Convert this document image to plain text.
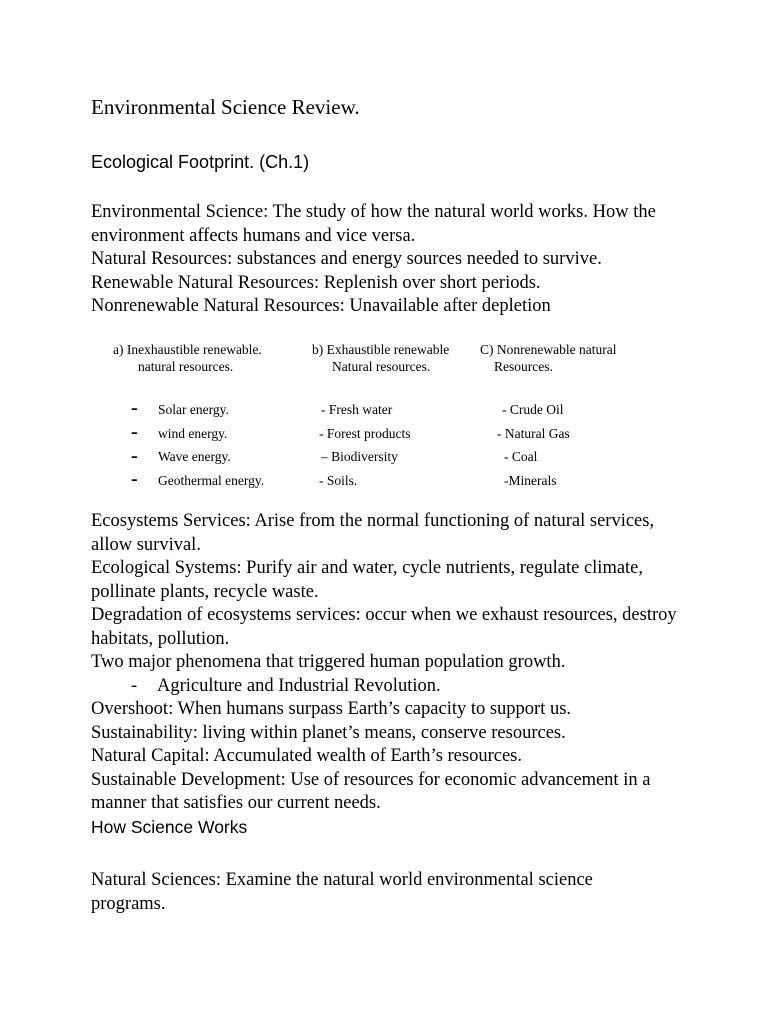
Environmental Science Review.
Ecological Footprint. (Ch.1)

Environmental Science: The study of how the natural world works. How the environment affects humans and vice versa.

Natural Resources: substances and energy sources needed to survive.

Renewable Natural Resources: Replenish over short periods.

Nonrenewable Natural Resources: Unavailable after depletion

a) Inexhaustible renewable.
natural resources.
b) Exhaustible renewable
Natural resources.
C) Nonrenewable natural
Resources.
- Solar energy.
- wind energy.
- Wave energy.
- Geothermal energy.
- Fresh water
- Forest products
– Biodiversity
- Soils.
- Crude Oil
- Natural Gas
- Coal
-Minerals

Ecosystems Services: Arise from the normal functioning of natural services, allow survival.

Ecological Systems: Purify air and water, cycle nutrients, regulate climate, pollinate plants, recycle waste.

Degradation of ecosystems services: occur when we exhaust resources, destroy habitats, pollution.

Two major phenomena that triggered human population growth.

- Agriculture and Industrial Revolution.

Overshoot: When humans surpass Earth’s capacity to support us.

Sustainability: living within planet’s means, conserve resources.

Natural Capital: Accumulated wealth of Earth’s resources.

Sustainable Development: Use of resources for economic advancement in a manner that satisfies our current needs.

How Science Works

Natural Sciences: Examine the natural world environmental science programs.
